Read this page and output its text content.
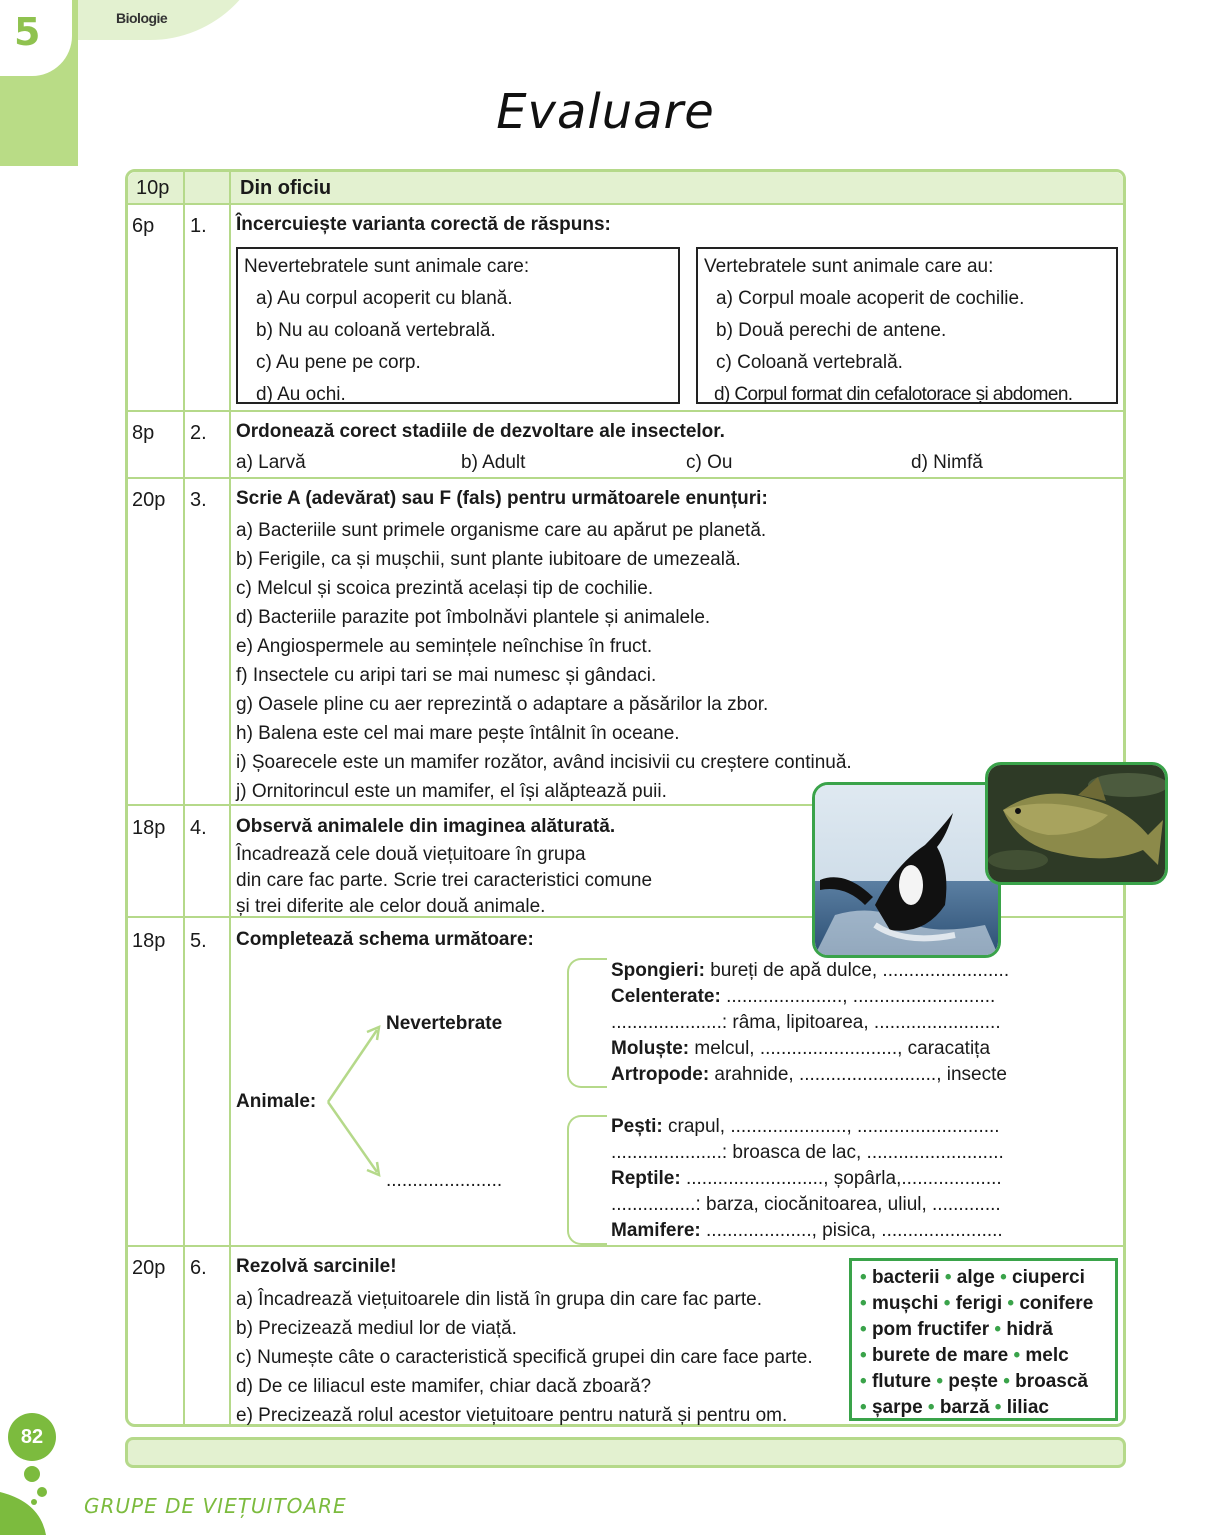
5	Biologie
Evaluare
10p	Din oficiu
6p 1. Încercuiește varianta corectă de răspuns:
Nevertebratele sunt animale care:
a) Au corpul acoperit cu blană.
b) Nu au coloană vertebrală.
c) Au pene pe corp.
d) Au ochi.
Vertebratele sunt animale care au:
a) Corpul moale acoperit de cochilie.
b) Două perechi de antene.
c) Coloană vertebrală.
d) Corpul format din cefalotorace și abdomen.
8p 2. Ordonează corect stadiile de dezvoltare ale insectelor.
a) Larvă	b) Adult	c) Ou	d) Nimfă
20p 3. Scrie A (adevărat) sau F (fals) pentru următoarele enunțuri:
a) Bacteriile sunt primele organisme care au apărut pe planetă.
b) Ferigile, ca și mușchii, sunt plante iubitoare de umezeală.
c) Melcul și scoica prezintă același tip de cochilie.
d) Bacteriile parazite pot îmbolnăvi plantele și animalele.
e) Angiospermele au semințele neînchise în fruct.
f) Insectele cu aripi tari se mai numesc și gândaci.
g) Oasele pline cu aer reprezintă o adaptare a păsărilor la zbor.
h) Balena este cel mai mare pește întâlnit în oceane.
i) Șoarecele este un mamifer rozător, având incisivii cu creștere continuă.
j) Ornitorincul este un mamifer, el își alăptează puii.
18p 4. Observă animalele din imaginea alăturată.
Încadrează cele două viețuitoare în grupa
din care fac parte. Scrie trei caracteristici comune
și trei diferite ale celor două animale.
18p 5. Completează schema următoare:
Animale:
Nevertebrate
......................
Spongieri: bureți de apă dulce, ........................
Celenterate: ......................, ...........................
.....................: râma, lipitoarea, ........................
Moluște: melcul, .........................., caracatița
Artropode: arahnide, .........................., insecte
Pești: crapul, ......................, ...........................
.....................: broasca de lac, ..........................
Reptile: .........................., șopârla,...................
................: barza, ciocănitoarea, uliul, .............
Mamifere: ...................., pisica, .......................
20p 6. Rezolvă sarcinile!
a) Încadrează viețuitoarele din listă în grupa din care fac parte.
b) Precizează mediul lor de viață.
c) Numește câte o caracteristică specifică grupei din care face parte.
d) De ce liliacul este mamifer, chiar dacă zboară?
e) Precizează rolul acestor viețuitoare pentru natură și pentru om.
• bacterii • alge • ciuperci
• mușchi • ferigi • conifere
• pom fructifer • hidră
• burete de mare • melc
• fluture • pește • broască
• șarpe • barză • liliac
82
GRUPE DE VIEȚUITOARE
